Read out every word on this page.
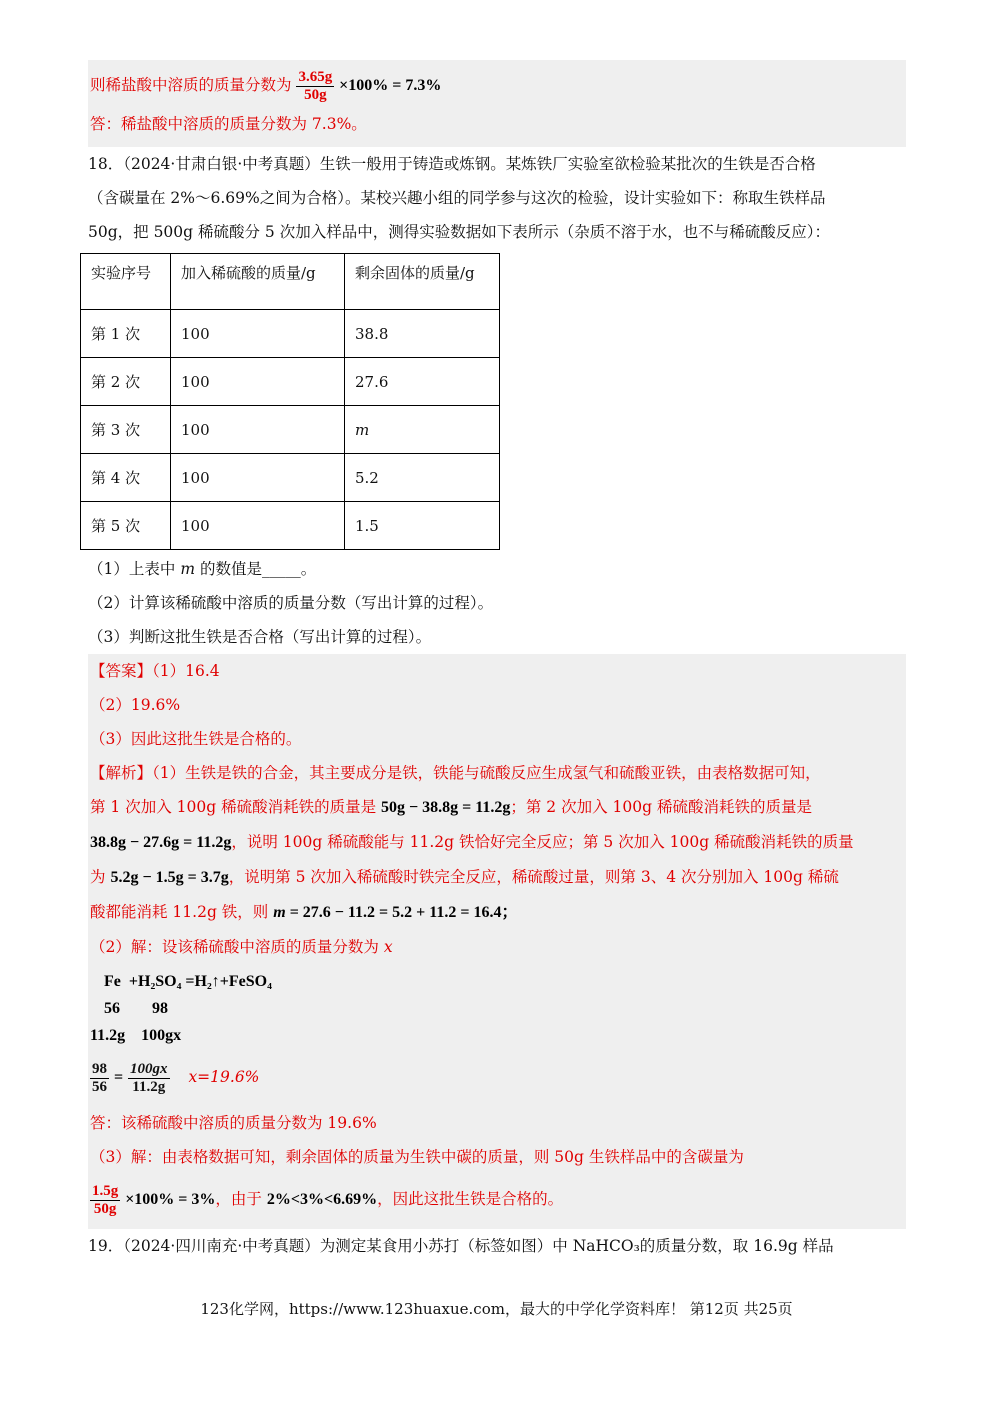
则稀盐酸中溶质的质量分数为 $\frac{3.65g}{50g} \times 100\% = 7.3\%$
答：稀盐酸中溶质的质量分数为 7.3%。
18．（2024·甘肃白银·中考真题）生铁一般用于铸造或炼钢。某炼铁厂实验室欲检验某批次的生铁是否合格
（含碳量在 2%～6.69%之间为合格）。某校兴趣小组的同学参与这次的检验，设计实验如下：称取生铁样品
50g，把 500g 稀硫酸分 5 次加入样品中，测得实验数据如下表所示（杂质不溶于水，也不与稀硫酸反应）：
实验序号	加入稀硫酸的质量/g	剩余固体的质量/g
第 1 次	100	38.8
第 2 次	100	27.6
第 3 次	100	m
第 4 次	100	5.2
第 5 次	100	1.5
（1）上表中 m 的数值是_____。
（2）计算该稀硫酸中溶质的质量分数（写出计算的过程）。
（3）判断这批生铁是否合格（写出计算的过程）。
【答案】（1）16.4
（2）19.6%
（3）因此这批生铁是合格的。
【解析】（1）生铁是铁的合金，其主要成分是铁，铁能与硫酸反应生成氢气和硫酸亚铁，由表格数据可知，
第 1 次加入 100g 稀硫酸消耗铁的质量是 50g − 38.8g = 11.2g；第 2 次加入 100g 稀硫酸消耗铁的质量是
38.8g − 27.6g = 11.2g，说明 100g 稀硫酸能与 11.2g 铁恰好完全反应；第 5 次加入 100g 稀硫酸消耗铁的质量
为 5.2g − 1.5g = 3.7g，说明第 5 次加入稀硫酸时铁完全反应，稀硫酸过量，则第 3、4 次分别加入 100g 稀硫
酸都能消耗 11.2g 铁，则 m = 27.6 − 11.2 = 5.2 + 11.2 = 16.4；
（2）解：设该稀硫酸中溶质的质量分数为 x
Fe  +H₂SO₄ =H₂↑+FeSO₄
56        98
11.2g    100gx
$\frac{98}{56} = \frac{100gx}{11.2g} x=19.6\%$
答：该稀硫酸中溶质的质量分数为 19.6%
（3）解：由表格数据可知，剩余固体的质量为生铁中碳的质量，则 50g 生铁样品中的含碳量为
$\frac{1.5g}{50g} \times 100\% = 3\%$，由于 2%<3%<6.69%，因此这批生铁是合格的。
19．（2024·四川南充·中考真题）为测定某食用小苏打（标签如图）中 NaHCO₃的质量分数，取 16.9g 样品
123化学网，https://www.123huaxue.com，最大的中学化学资料库！ 第12页 共25页
